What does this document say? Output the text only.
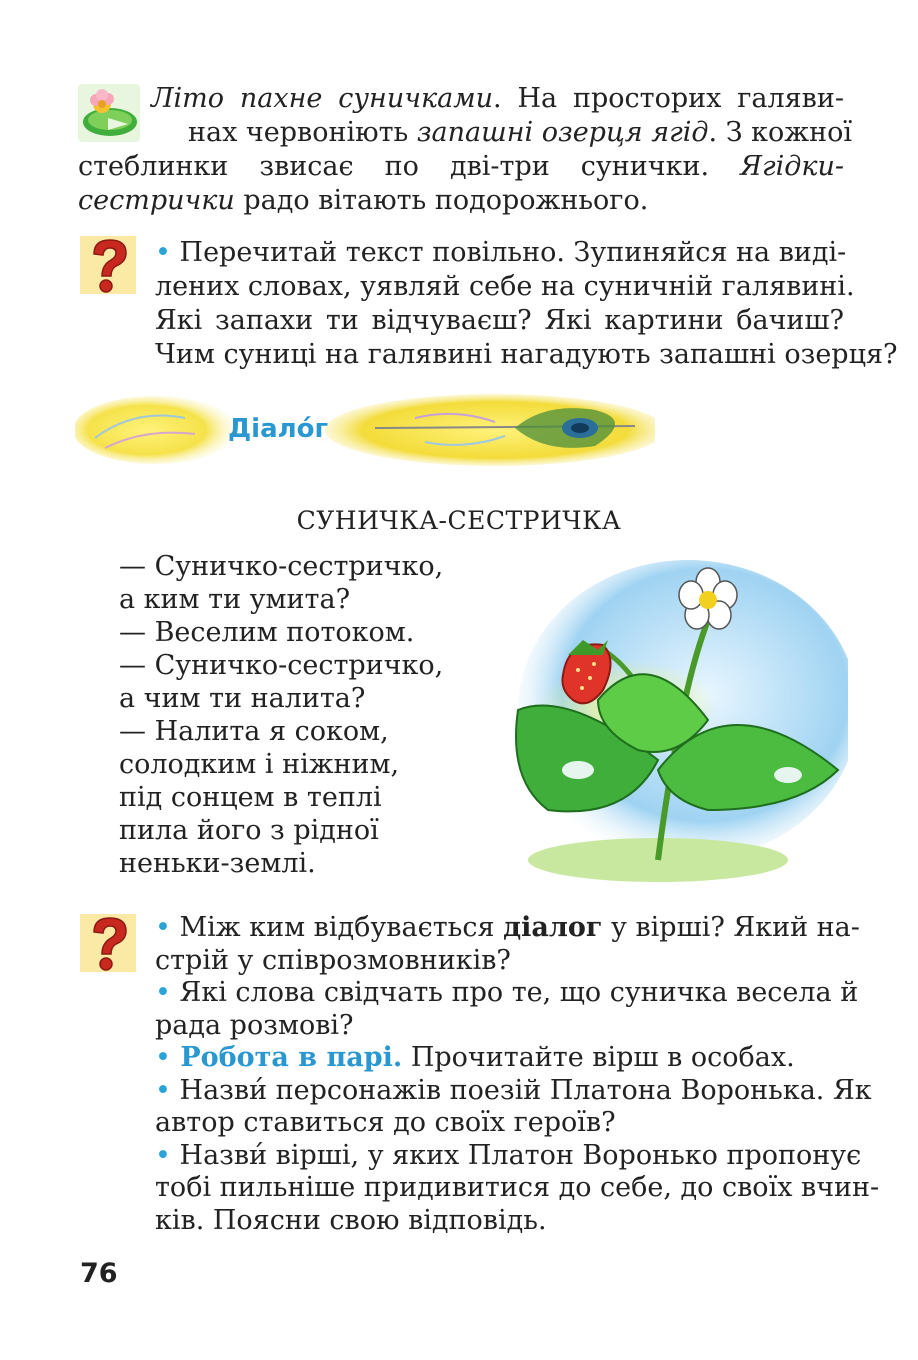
Літо пахне суничками. На просторих галяви-
нах червоніють запашні озерця ягід. З кожної
стеблинки звисає по дві-три сунички. Ягідки-
сестрички радо вітають подорожнього.
• Перечитай текст повільно. Зупиняйся на виді-
лених словах, уявляй себе на суничній галявині.
Які запахи ти відчуваєш? Які картини бачиш?
Чим суниці на галявині нагадують запашні озерця?
Діало́г
СУНИЧКА-СЕСТРИЧКА
— Суничко-сестричко,
а ким ти умита?
— Веселим потоком.
— Суничко-сестричко,
а чим ти налита?
— Налита я соком,
солодким і ніжним,
під сонцем в теплі
пила його з рідної
неньки-землі.
• Між ким відбувається діалог у вірші? Який на-
стрій у співрозмовників?
• Які слова свідчать про те, що суничка весела й
рада розмові?
• Робота в парі. Прочитайте вірш в особах.
• Назви́ персонажів поезій Платона Воронька. Як
автор ставиться до своїх героїв?
• Назви́ вірші, у яких Платон Воронько пропонує
тобі пильніше придивитися до себе, до своїх вчин-
ків. Поясни свою відповідь.
76
